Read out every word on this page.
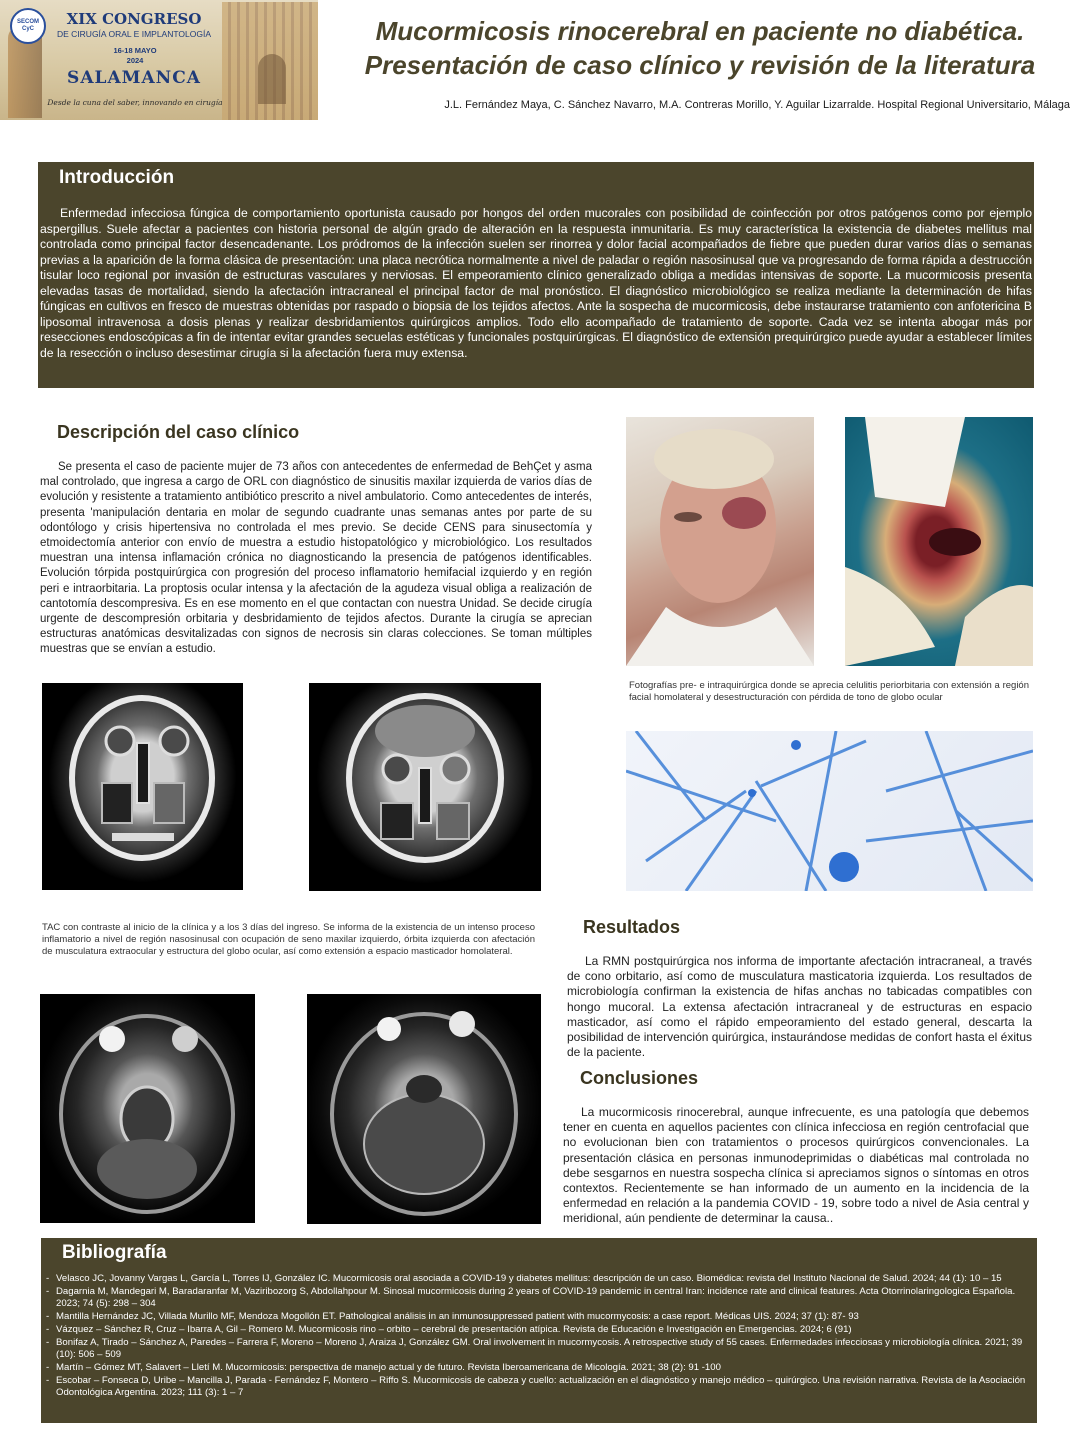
SECOM CyC
XIX CONGRESO
DE CIRUGÍA ORAL E IMPLANTOLOGÍA
16-18 MAYO
2024
SALAMANCA
Desde la cuna del saber, innovando en cirugía
Mucormicosis rinocerebral en paciente no diabética. Presentación de caso clínico y revisión de la literatura
J.L. Fernández Maya, C. Sánchez Navarro, M.A. Contreras Morillo, Y. Aguilar Lizarralde. Hospital Regional Universitario, Málaga
Introducción

Enfermedad infecciosa fúngica de comportamiento oportunista causado por hongos del orden mucorales con posibilidad de coinfección por otros patógenos como por ejemplo aspergillus. Suele afectar a pacientes con historia personal de algún grado de alteración en la respuesta inmunitaria. Es muy característica la existencia de diabetes mellitus mal controlada como principal factor desencadenante. Los pródromos de la infección suelen ser rinorrea y dolor facial acompañados de fiebre que pueden durar varios días o semanas previas a la aparición de la forma clásica de presentación: una placa necrótica normalmente a nivel de paladar o región nasosinusal que va progresando de forma rápida a destrucción tisular loco regional por invasión de estructuras vasculares y nerviosas. El empeoramiento clínico generalizado obliga a medidas intensivas de soporte. La mucormicosis presenta elevadas tasas de mortalidad, siendo la afectación intracraneal el principal factor de mal pronóstico. El diagnóstico microbiológico se realiza mediante la determinación de hifas fúngicas en cultivos en fresco de muestras obtenidas por raspado o biopsia de los tejidos afectos. Ante la sospecha de mucormicosis, debe instaurarse tratamiento con anfotericina B liposomal intravenosa a dosis plenas y realizar desbridamientos quirúrgicos amplios. Todo ello acompañado de tratamiento de soporte. Cada vez se intenta abogar más por resecciones endoscópicas a fin de intentar evitar grandes secuelas estéticas y funcionales postquirúrgicas. El diagnóstico de extensión prequirúrgico puede ayudar a establecer límites de la resección o incluso desestimar cirugía si la afectación fuera muy extensa.

Descripción del caso clínico

Se presenta el caso de paciente mujer de 73 años con antecedentes de enfermedad de BehÇet y asma mal controlado, que ingresa a cargo de ORL con diagnóstico de sinusitis maxilar izquierda de varios días de evolución y resistente a tratamiento antibiótico prescrito a nivel ambulatorio. Como antecedentes de interés, presenta 'manipulación dentaria en molar de segundo cuadrante unas semanas antes por parte de su odontólogo y crisis hipertensiva no controlada el mes previo. Se decide CENS para sinusectomía y etmoidectomía anterior con envío de muestra a estudio histopatológico y microbiológico. Los resultados muestran una intensa inflamación crónica no diagnosticando la presencia de patógenos identificables. Evolución tórpida postquirúrgica con progresión del proceso inflamatorio hemifacial izquierdo y en región peri e intraorbitaria. La proptosis ocular intensa y la afectación de la agudeza visual obliga a realización de cantotomía descompresiva. Es en ese momento en el que contactan con nuestra Unidad. Se decide cirugía urgente de descompresión orbitaria y desbridamiento de tejidos afectos. Durante la cirugía se aprecian estructuras anatómicas desvitalizadas con signos de necrosis sin claras colecciones. Se toman múltiples muestras que se envían a estudio.

Fotografías pre- e intraquirúrgica donde se aprecia celulitis periorbitaria con extensión a región facial homolateral y desestructuración con pérdida de tono de globo ocular

TAC con contraste al inicio de la clínica y a los 3 días del ingreso. Se informa de la existencia de un intenso proceso inflamatorio a nivel de región nasosinusal con ocupación de seno maxilar izquierdo, órbita izquierda con afectación de musculatura extraocular y estructura del globo ocular, así como extensión a espacio masticador homolateral.

Resultados

La RMN postquirúrgica nos informa de importante afectación intracraneal, a través de cono orbitario, así como de musculatura masticatoria izquierda. Los resultados de microbiología confirman la existencia de hifas anchas no tabicadas compatibles con hongo mucoral. La extensa afectación intracraneal y de estructuras en espacio masticador, así como el rápido empeoramiento del estado general, descarta la posibilidad de intervención quirúrgica, instaurándose medidas de confort hasta el éxitus de la paciente.

Conclusiones

La mucormicosis rinocerebral, aunque infrecuente, es una patología que debemos tener en cuenta en aquellos pacientes con clínica infecciosa en región centrofacial que no evolucionan bien con tratamientos o procesos quirúrgicos convencionales. La presentación clásica en personas inmunodeprimidas o diabéticas mal controlada no debe sesgarnos en nuestra sospecha clínica si apreciamos signos o síntomas en otros contextos. Recientemente se han informado de un aumento en la incidencia de la enfermedad en relación a la pandemia COVID - 19, sobre todo a nivel de Asia central y meridional, aún pendiente de determinar la causa..

Bibliografía
- Velasco JC, Jovanny Vargas L, García L, Torres IJ, González IC. Mucormicosis oral asociada a COVID-19 y diabetes mellitus: descripción de un caso. Biomédica: revista del Instituto Nacional de Salud. 2024; 44 (1): 10 – 15
- Dagarnia M, Mandegari M, Baradaranfar M, Vaziribozorg S, Abdollahpour M. Sinosal mucormicosis during 2 years of COVID-19 pandemic in central Iran: incidence rate and clinical features. Acta Otorrinolaringologica Española. 2023; 74 (5): 298 – 304
- Mantilla Hernández JC, Villada Murillo MF, Mendoza Mogollón ET. Pathological análisis in an inmunosuppressed patient with mucormycosis: a case report. Médicas UIS. 2024; 37 (1): 87- 93
- Vázquez – Sánchez R, Cruz – Ibarra A, Gil – Romero M. Mucormicosis rino – orbito – cerebral de presentación atípica. Revista de Educación e Investigación en Emergencias. 2024; 6 (91)
- Bonifaz A, Tirado – Sánchez A, Paredes – Farrera F, Moreno – Moreno J, Araiza J, González GM. Oral involvement in mucormycosis. A retrospective study of 55 cases. Enfermedades infecciosas y microbiología clínica. 2021; 39 (10): 506 – 509
- Martín – Gómez MT, Salavert – Lletí M. Mucormicosis: perspectiva de manejo actual y de futuro. Revista Iberoamericana de Micología. 2021; 38 (2): 91 -100
- Escobar – Fonseca D, Uribe – Mancilla J, Parada - Fernández F, Montero – Riffo S. Mucormicosis de cabeza y cuello: actualización en el diagnóstico y manejo médico – quirúrgico. Una revisión narrativa. Revista de la Asociación Odontológica Argentina. 2023; 111 (3): 1 – 7
